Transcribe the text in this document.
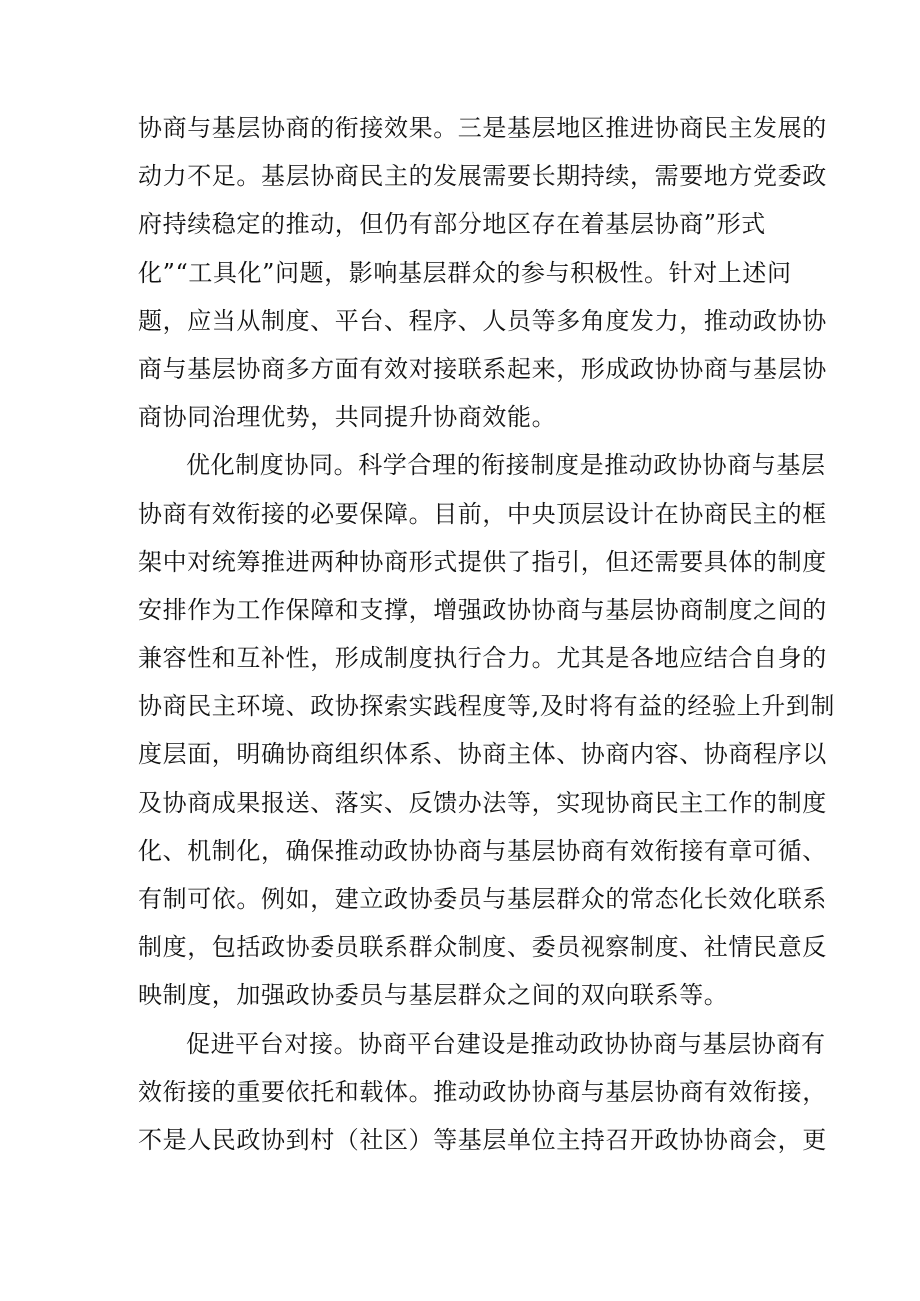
协商与基层协商的衔接效果。三是基层地区推进协商民主发展的
动力不足。基层协商民主的发展需要长期持续，需要地方党委政
府持续稳定的推动，但仍有部分地区存在着基层协商”形式
化”“工具化”问题，影响基层群众的参与积极性。针对上述问
题，应当从制度、平台、程序、人员等多角度发力，推动政协协
商与基层协商多方面有效对接联系起来，形成政协协商与基层协
商协同治理优势，共同提升协商效能。
优化制度协同。科学合理的衔接制度是推动政协协商与基层
协商有效衔接的必要保障。目前，中央顶层设计在协商民主的框
架中对统筹推进两种协商形式提供了指引，但还需要具体的制度
安排作为工作保障和支撑，增强政协协商与基层协商制度之间的
兼容性和互补性，形成制度执行合力。尤其是各地应结合自身的
协商民主环境、政协探索实践程度等,及时将有益的经验上升到制
度层面，明确协商组织体系、协商主体、协商内容、协商程序以
及协商成果报送、落实、反馈办法等，实现协商民主工作的制度
化、机制化，确保推动政协协商与基层协商有效衔接有章可循、
有制可依。例如，建立政协委员与基层群众的常态化长效化联系
制度，包括政协委员联系群众制度、委员视察制度、社情民意反
映制度，加强政协委员与基层群众之间的双向联系等。
促进平台对接。协商平台建设是推动政协协商与基层协商有
效衔接的重要依托和载体。推动政协协商与基层协商有效衔接，
不是人民政协到村（社区）等基层单位主持召开政协协商会，更
